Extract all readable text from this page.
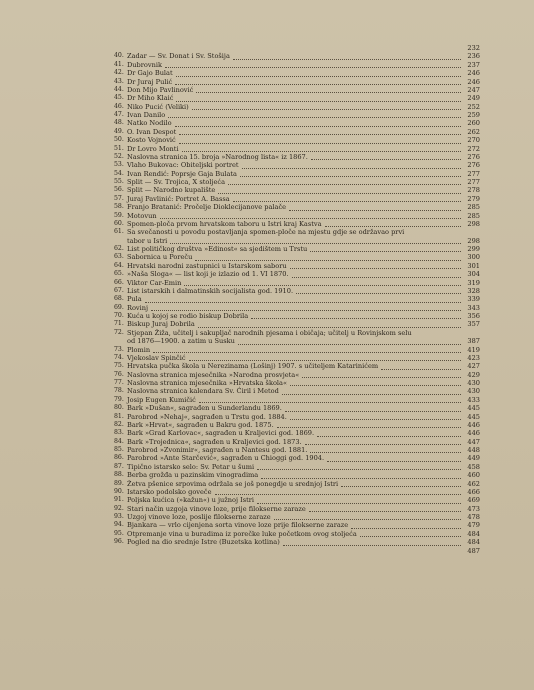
232
40. Zadar — Sv. Donat i Sv. Stošija	236
41. Dubrovnik	237
42. Dr Gajo Bulat	246
43. Dr Juraj Pulić	246
44. Don Mijo Pavlinović	247
45. Dr Miho Klaić	249
46. Niko Pucić (Veliki)	252
47. Ivan Danilo	259
48. Natko Nodilo	260
49. O. Ivan Despot	262
50. Kosto Vojnović	270
51. Dr Lovro Monti	272
52. Naslovna stranica 15. broja »Narodnog lista« iz 1867.	276
53. Vlaho Bukovac: Obiteljski portret	276
54. Ivan Rendić: Poprsje Gaja Bulata	277
55. Split — Sv. Trojica, X stoljeća	277
56. Split — Narodno kupalište	278
57. Juraj Pavlinić: Portret A. Bassa	279
58. Franjo Bratanić: Pročelje Dioklecijanove palače	285
59. Motovun	285
60. Spomen-ploča prvom hrvatskom taboru u Istri kraj Kastva	298
61. Sa svečanosti u povodu postavljanja spomen-ploče na mjestu gdje se održavao prvi
tabor u Istri	298
62. List političkog društva »Edinost« sa sjedištem u Trstu	299
63. Sabornica u Poreču	300
64. Hrvatski narodni zastupnici u Istarskom saboru	301
65. »Naša Sloga« — list koji je izlazio od 1. VI 1870.	304
66. Viktor Car-Emin	319
67. List istarskih i dalmatinskih socijalista god. 1910.	328
68. Pula	339
69. Rovinj	343
70. Kuća u kojoj se rodio biskup Dobrila	356
71. Biskup Juraj Dobrila	357
72. Stjepan Žiža, učitelj i sakupljač narodnih pjesama i običaja; učitelj u Rovinjskom selu
od 1876—1900. a zatim u Susku	387
73. Plomin	419
74. Vjekoslav Spinčić	423
75. Hrvatska pučka škola u Nerezinama (Lošinj) 1907. s učiteljem Katarinićem	427
76. Naslovna stranica mjesečnika »Narodna prosvjeta«	429
77. Naslovna stranica mjesečnika »Hrvatska škola«	430
78. Naslovna stranica kalendara Sv. Ćiril i Metod	430
79. Josip Eugen Kumičić	433
80. Bark »Dušan«, sagrađen u Sunderlandu 1869.	445
81. Parobrod »Nehaj«, sagrađen u Trstu god. 1884.	445
82. Bark »Hrvat«, sagrađen u Bakru god. 1875.	446
83. Bark »Grad Karlovac«, sagrađen u Kraljevici god. 1869.	446
84. Bark »Trojednica«, sagrađen u Kraljevici god. 1873.	447
85. Parobrod »Zvonimir«, sagrađen u Nantesu god. 1881.	448
86. Parobrod »Ante Starčević«, sagrađen u Chioggi god. 1904.	449
87. Tipično istarsko selo: Sv. Petar u šumi	458
88. Berba grožđa u pazinskim vinogradima	460
89. Žetva pšenice srpovima održala se još ponegdje u srednjoj Istri	462
90. Istarsko podolsko goveče	466
91. Poljska kućica (»kažun«) u južnoj Istri	469
92. Stari način uzgoja vinove loze, prije filokserne zaraze	473
93. Uzgoj vinove loze, poslije filokserne zaraze	478
94. Bjankara — vrlo cijenjena sorta vinove loze prije filokserne zaraze	479
95. Otpremanje vina u buradima iz porečke luke početkom ovog stoljeća	484
96. Pogled na dio srednje Istre (Buzetska kotlina)	484
487
